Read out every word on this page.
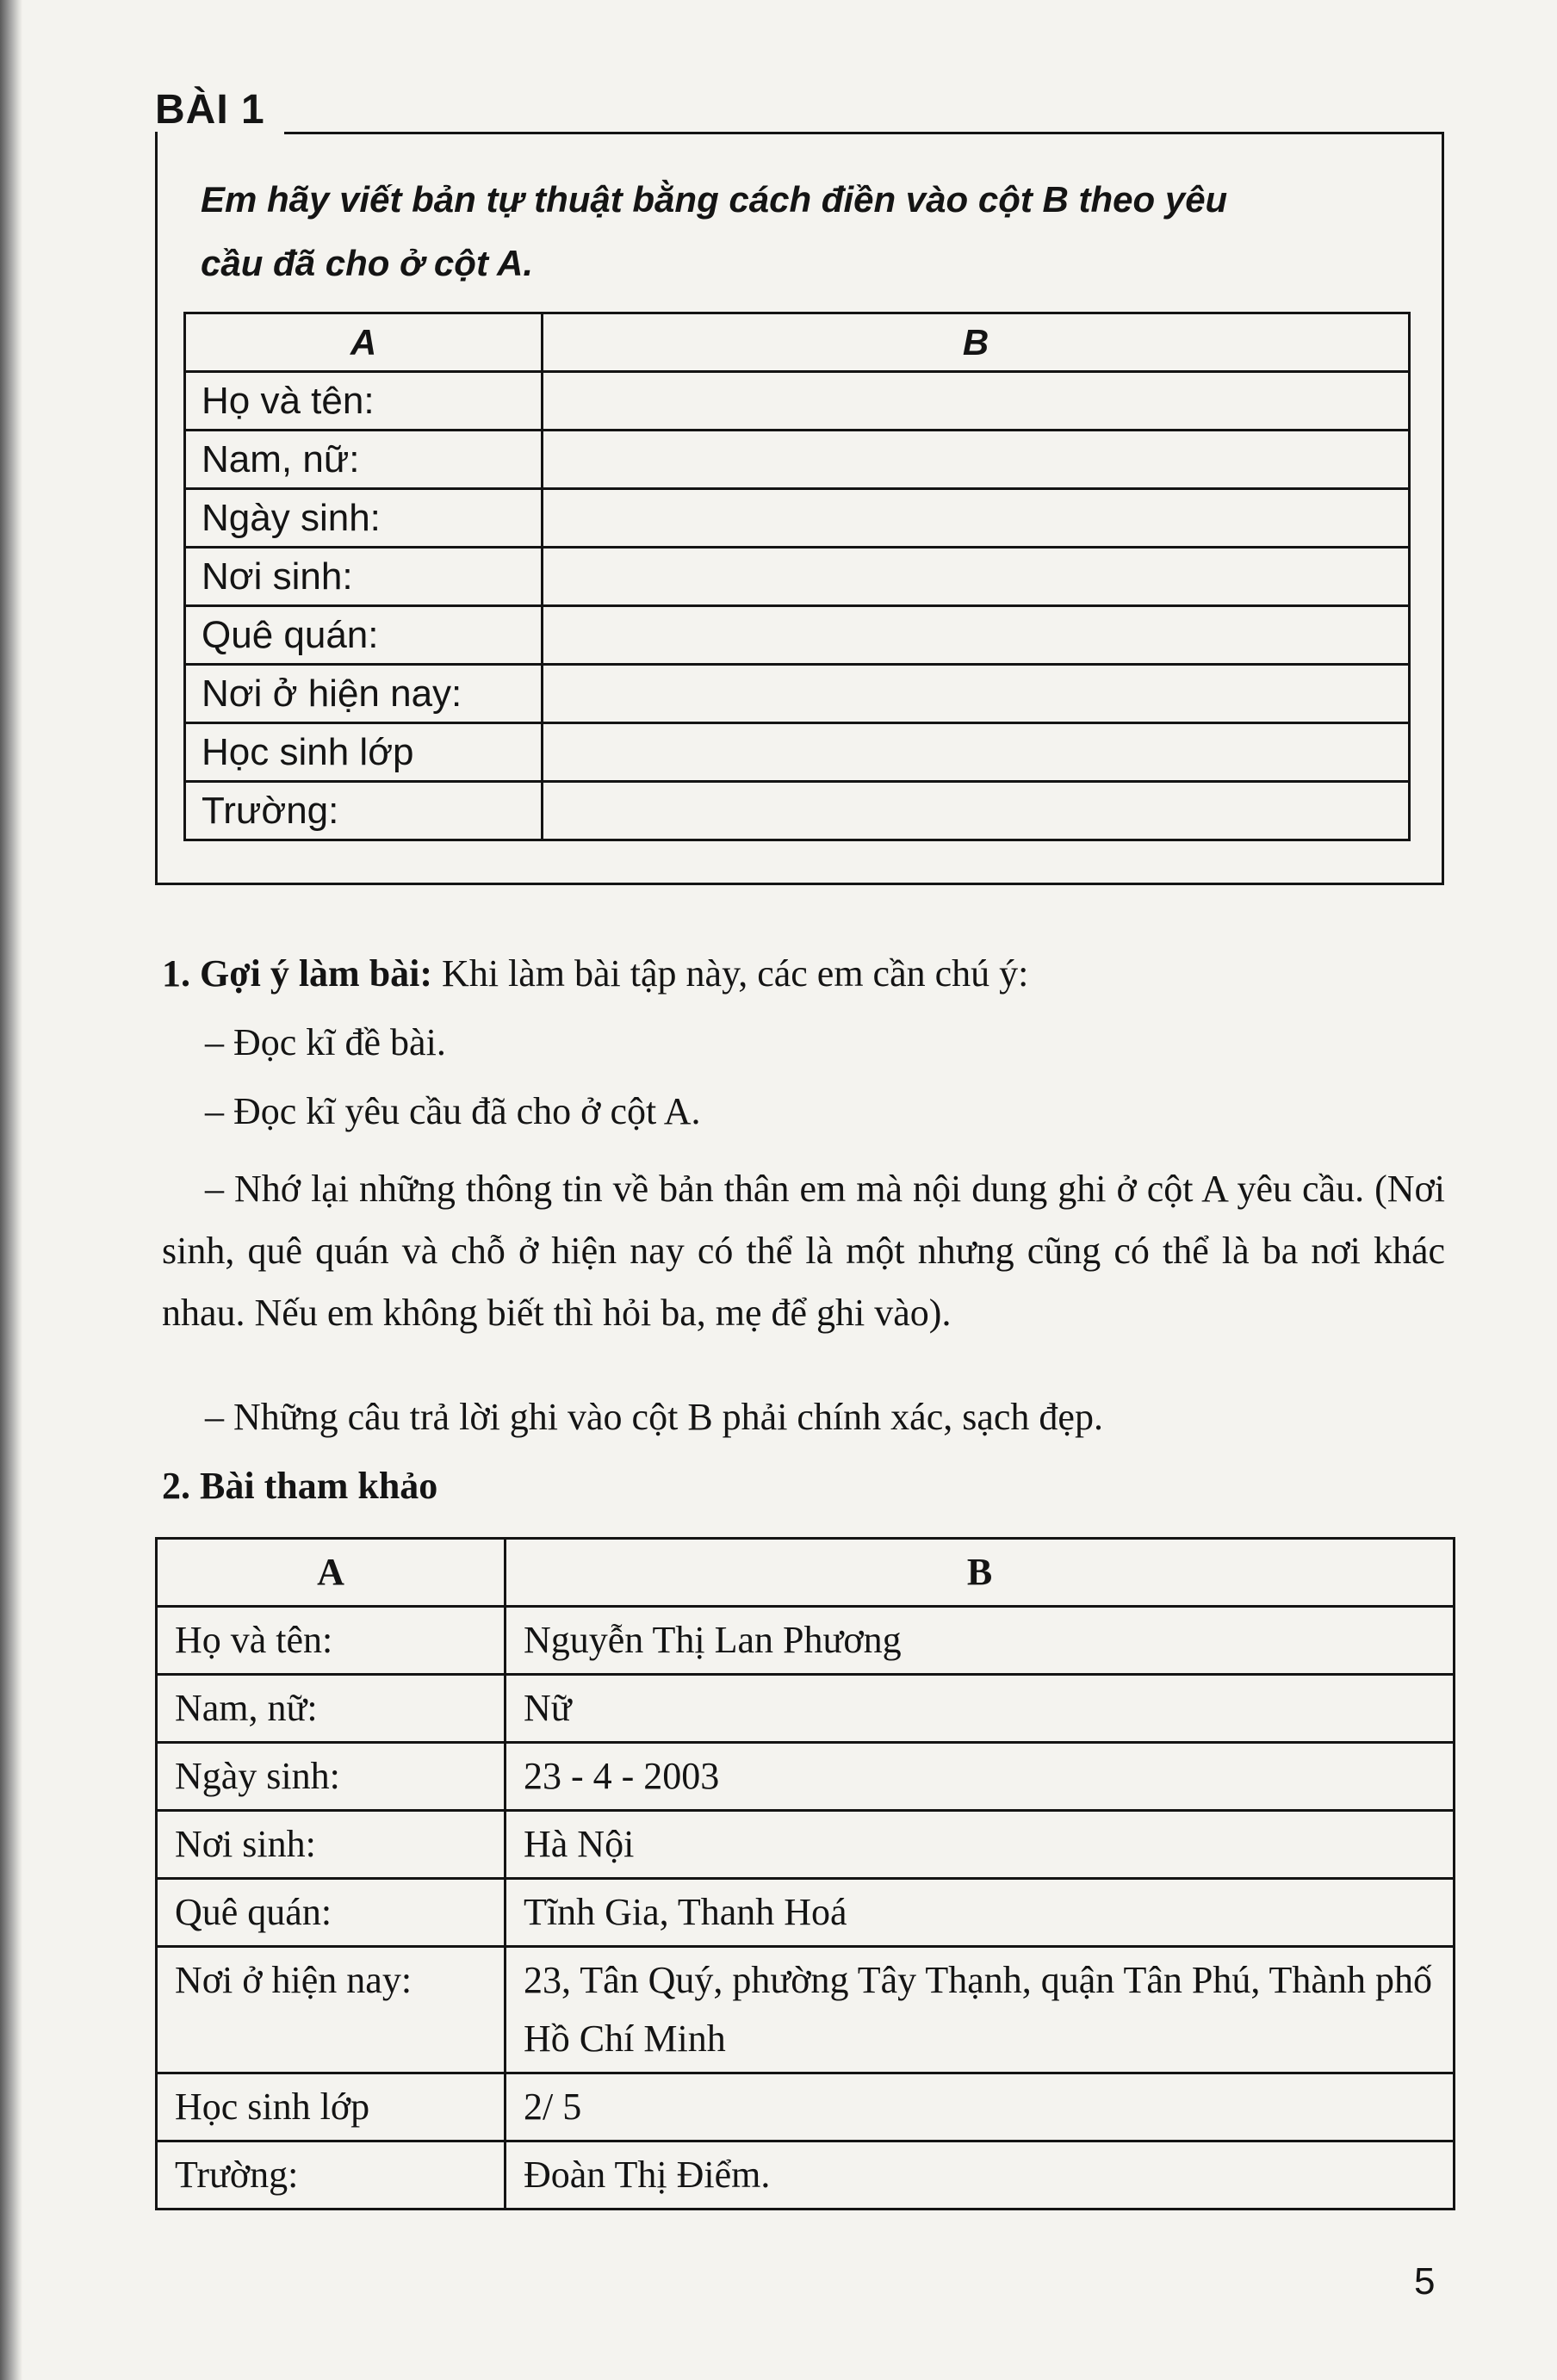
BÀI 1
Em hãy viết bản tự thuật bằng cách điền vào cột B theo yêu
cầu đã cho ở cột A.
A	B
Họ và tên:	
Nam, nữ:	
Ngày sinh:	
Nơi sinh:	
Quê quán:	
Nơi ở hiện nay:	
Học sinh lớp	
Trường:	
1. Gợi ý làm bài: Khi làm bài tập này, các em cần chú ý:
– Đọc kĩ đề bài.
– Đọc kĩ yêu cầu đã cho ở cột A.
– Nhớ lại những thông tin về bản thân em mà nội dung ghi ở cột A yêu cầu. (Nơi sinh, quê quán và chỗ ở hiện nay có thể là một nhưng cũng có thể là ba nơi khác nhau. Nếu em không biết thì hỏi ba, mẹ để ghi vào).
– Những câu trả lời ghi vào cột B phải chính xác, sạch đẹp.
2. Bài tham khảo
A	B
Họ và tên:	Nguyễn Thị Lan Phương
Nam, nữ:	Nữ
Ngày sinh:	23 - 4 - 2003
Nơi sinh:	Hà Nội
Quê quán:	Tĩnh Gia, Thanh Hoá
Nơi ở hiện nay:	23, Tân Quý, phường Tây Thạnh, quận Tân Phú, Thành phố Hồ Chí Minh
Học sinh lớp	2/ 5
Trường:	Đoàn Thị Điểm.
5
